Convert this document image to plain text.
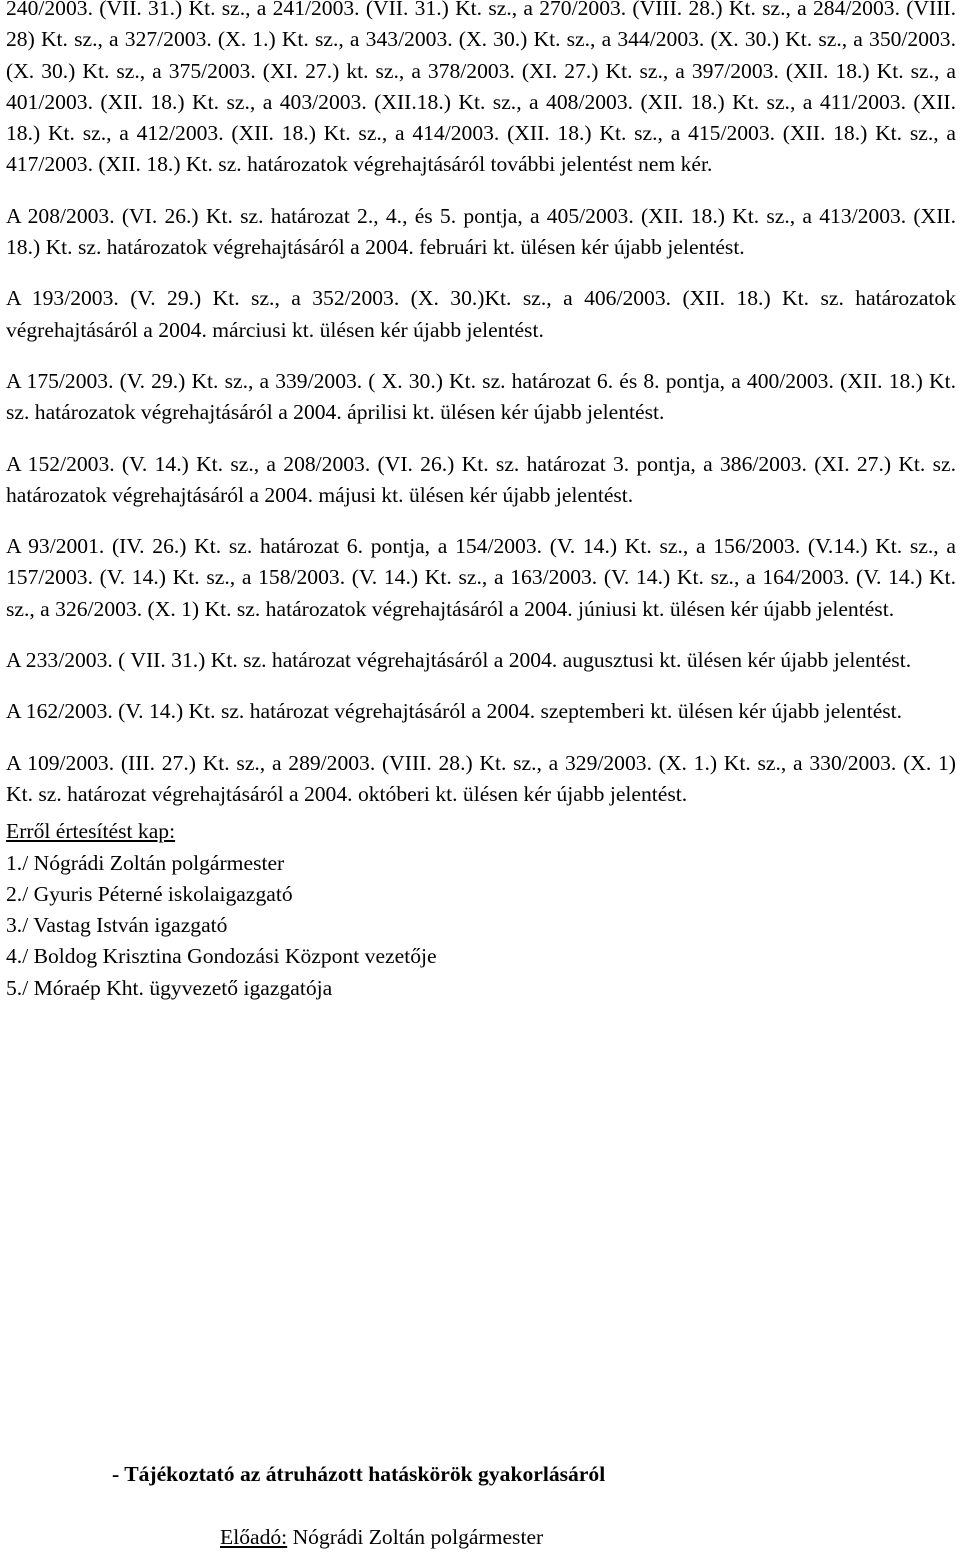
240/2003. (VII. 31.) Kt. sz., a 241/2003. (VII. 31.) Kt. sz., a 270/2003. (VIII. 28.) Kt. sz., a 284/2003. (VIII. 28) Kt. sz., a 327/2003. (X. 1.) Kt. sz., a 343/2003. (X. 30.) Kt. sz., a 344/2003. (X. 30.) Kt. sz., a 350/2003. (X. 30.) Kt. sz., a 375/2003. (XI. 27.) kt. sz., a 378/2003. (XI. 27.) Kt. sz., a 397/2003. (XII. 18.) Kt. sz., a 401/2003. (XII. 18.) Kt. sz., a 403/2003. (XII.18.) Kt. sz., a 408/2003. (XII. 18.) Kt. sz., a 411/2003. (XII. 18.) Kt. sz., a 412/2003. (XII. 18.) Kt. sz., a 414/2003. (XII. 18.) Kt. sz., a 415/2003. (XII. 18.) Kt. sz., a 417/2003. (XII. 18.) Kt. sz. határozatok végrehajtásáról további jelentést nem kér.

A 208/2003. (VI. 26.) Kt. sz. határozat 2., 4., és 5. pontja, a 405/2003. (XII. 18.) Kt. sz., a 413/2003. (XII. 18.) Kt. sz. határozatok végrehajtásáról a 2004. februári kt. ülésen kér újabb jelentést.

A 193/2003. (V. 29.) Kt. sz., a 352/2003. (X. 30.)Kt. sz., a 406/2003. (XII. 18.) Kt. sz. határozatok végrehajtásáról a 2004. márciusi kt. ülésen kér újabb jelentést.

A 175/2003. (V. 29.) Kt. sz., a 339/2003. ( X. 30.) Kt. sz. határozat 6. és 8. pontja, a 400/2003. (XII. 18.) Kt. sz. határozatok végrehajtásáról a 2004. áprilisi kt. ülésen kér újabb jelentést.

A 152/2003. (V. 14.) Kt. sz., a 208/2003. (VI. 26.) Kt. sz. határozat 3. pontja, a 386/2003. (XI. 27.) Kt. sz. határozatok végrehajtásáról a 2004. májusi kt. ülésen kér újabb jelentést.

A 93/2001. (IV. 26.) Kt. sz. határozat 6. pontja, a 154/2003. (V. 14.) Kt. sz., a 156/2003. (V.14.) Kt. sz., a 157/2003. (V. 14.) Kt. sz., a 158/2003. (V. 14.) Kt. sz., a 163/2003. (V. 14.) Kt. sz., a 164/2003. (V. 14.) Kt. sz., a 326/2003. (X. 1) Kt. sz. határozatok végrehajtásáról a 2004. júniusi kt. ülésen kér újabb jelentést.

A 233/2003. ( VII. 31.) Kt. sz. határozat végrehajtásáról a 2004. augusztusi kt. ülésen kér újabb jelentést.

A 162/2003. (V. 14.) Kt. sz. határozat végrehajtásáról a 2004. szeptemberi kt. ülésen kér újabb jelentést.

A 109/2003. (III. 27.) Kt. sz., a 289/2003. (VIII. 28.) Kt. sz., a 329/2003. (X. 1.) Kt. sz., a 330/2003. (X. 1) Kt. sz. határozat végrehajtásáról a 2004. októberi kt. ülésen kér újabb jelentést.

Erről értesítést kap:
1./ Nógrádi Zoltán polgármester
2./ Gyuris Péterné iskolaigazgató
3./ Vastag István igazgató
4./ Boldog Krisztina Gondozási Központ vezetője
5./ Móraép Kht. ügyvezető igazgatója

- Tájékoztató az átruházott hatáskörök gyakorlásáról

Előadó: Nógrádi Zoltán polgármester
